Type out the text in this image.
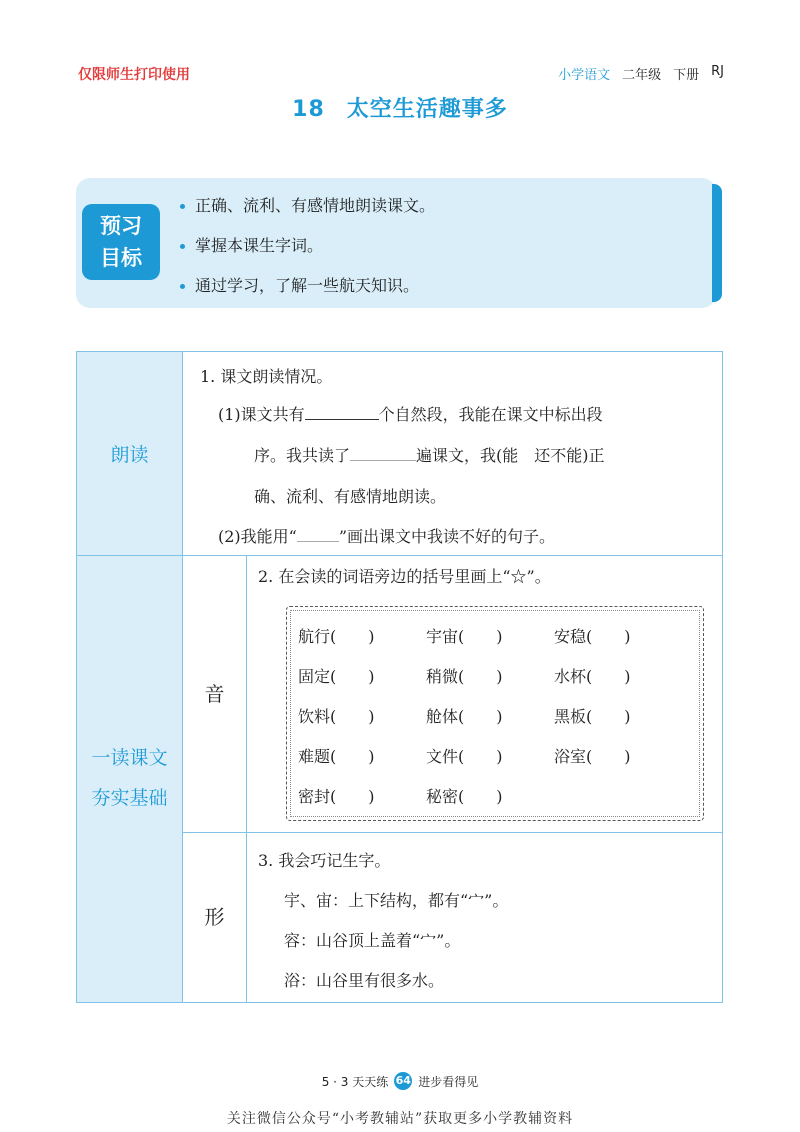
仅限师生打印使用	小学语文 二年级 下册 RJ
18 太空生活趣事多
预习
目标
正确、流利、有感情地朗读课文。
掌握本课生字词。
通过学习，了解一些航天知识。
朗读
一读课文
夯实基础
1. 课文朗读情况。
(1)课文共有	个自然段，我能在课文中标出段
序。我共读了	遍课文，我(能　还不能)正
确、流利、有感情地朗读。
(2)我能用“	”画出课文中我读不好的句子。
音
2. 在会读的词语旁边的括号里画上“☆”。
航行(　　)	宇宙(　　)	安稳(　　)
固定(　　)	稍微(　　)	水杯(　　)
饮料(　　)	舱体(　　)	黑板(　　)
难题(　　)	文件(　　)	浴室(　　)
密封(　　)	秘密(　　)
形
3. 我会巧记生字。
宇、宙：上下结构，都有“宀”。
容：山谷顶上盖着“宀”。
浴：山谷里有很多水。
5 · 3 天天练 64 进步看得见
关注微信公众号“小考教辅站”获取更多小学教辅资料
